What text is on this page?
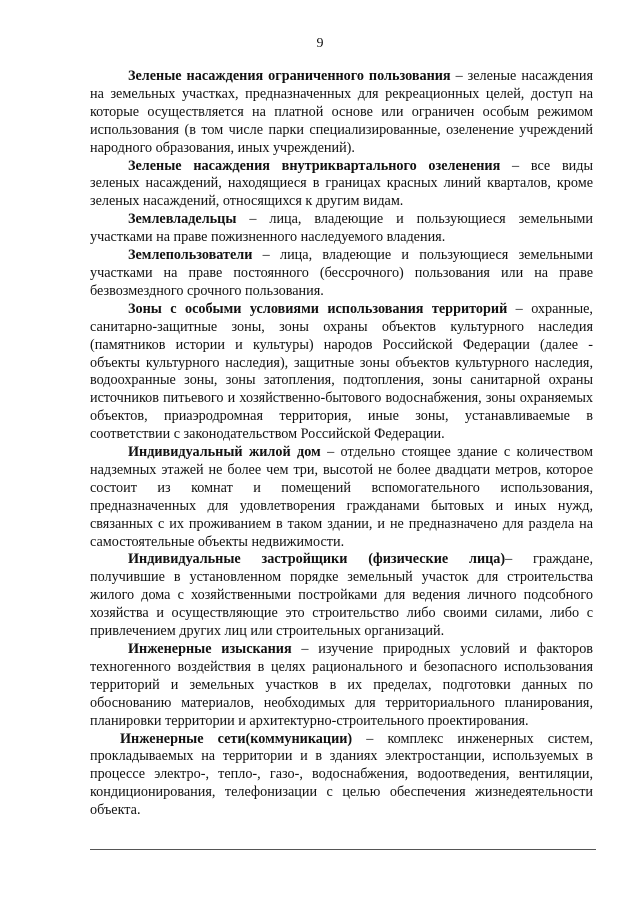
9

Зеленые насаждения ограниченного пользования – зеленые насаждения на земельных участках, предназначенных для рекреационных целей, доступ на которые осуществляется на платной основе или ограничен особым режимом использования (в том числе парки специализированные, озеленение учреждений народного образования, иных учреждений).

Зеленые насаждения внутриквартального озеленения – все виды зеленых насаждений, находящиеся в границах красных линий кварталов, кроме зеленых насаждений, относящихся к другим видам.

Землевладельцы – лица, владеющие и пользующиеся земельными участками на праве пожизненного наследуемого владения.

Землепользователи – лица, владеющие и пользующиеся земельными участками на праве постоянного (бессрочного) пользования или на праве безвозмездного срочного пользования.

Зоны с особыми условиями использования территорий – охранные, санитарно-защитные зоны, зоны охраны объектов культурного наследия (памятников истории и культуры) народов Российской Федерации (далее - объекты культурного наследия), защитные зоны объектов культурного наследия, водоохранные зоны, зоны затопления, подтопления, зоны санитарной охраны источников питьевого и хозяйственно-бытового водоснабжения, зоны охраняемых объектов, приаэродромная территория, иные зоны, устанавливаемые в соответствии с законодательством Российской Федерации.

Индивидуальный жилой дом – отдельно стоящее здание с количеством надземных этажей не более чем три, высотой не более двадцати метров, которое состоит из комнат и помещений вспомогательного использования, предназначенных для удовлетворения гражданами бытовых и иных нужд, связанных с их проживанием в таком здании, и не предназначено для раздела на самостоятельные объекты недвижимости.

Индивидуальные застройщики (физические лица)– граждане, получившие в установленном порядке земельный участок для строительства жилого дома с хозяйственными постройками для ведения личного подсобного хозяйства и осуществляющие это строительство либо своими силами, либо с привлечением других лиц или строительных организаций.

Инженерные изыскания – изучение природных условий и факторов техногенного воздействия в целях рационального и безопасного использования территорий и земельных участков в их пределах, подготовки данных по обоснованию материалов, необходимых для территориального планирования, планировки территории и архитектурно-строительного проектирования.

Инженерные сети(коммуникации) – комплекс инженерных систем, прокладываемых на территории и в зданиях электростанции, используемых в процессе электро-, тепло-, газо-, водоснабжения, водоотведения, вентиляции, кондиционирования, телефонизации с целью обеспечения жизнедеятельности объекта.
